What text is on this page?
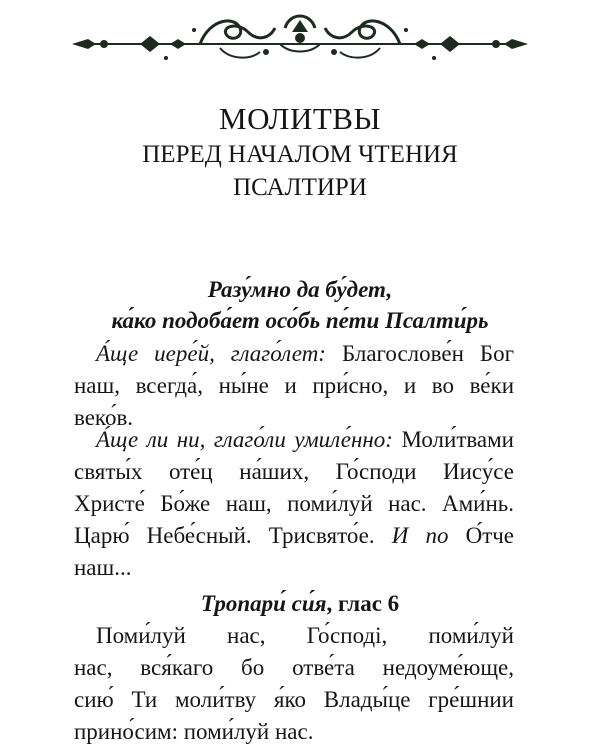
МОЛИТВЫ
ПЕРЕД НАЧАЛОМ ЧТЕНИЯ
ПСАЛТИРИ
Разу́мно да бу́дет,
ка́ко подоба́ет осо́бь пе́ти Псалти́рь
А́ще иере́й, глаго́лет: Благослове́н Бог
наш, всегда́, ны́не и при́сно, и во ве́ки
веко́в.
А́ще ли ни, глаго́ли умиле́нно: Моли́твами
святы́х оте́ц на́ших, Го́споди Иису́се
Христе́ Бо́же наш, поми́луй нас. Ами́нь.
Царю́ Небе́сный. Трисвято́е. И по О́тче
наш...
Тропари́ си́я, глас 6
Поми́луй нас, Го́сподi, поми́луй
нас, вся́каго бо отве́та недоуме́юще,
сию́ Ти моли́тву я́ко Влады́це гре́шнии
прино́сим: поми́луй нас.
